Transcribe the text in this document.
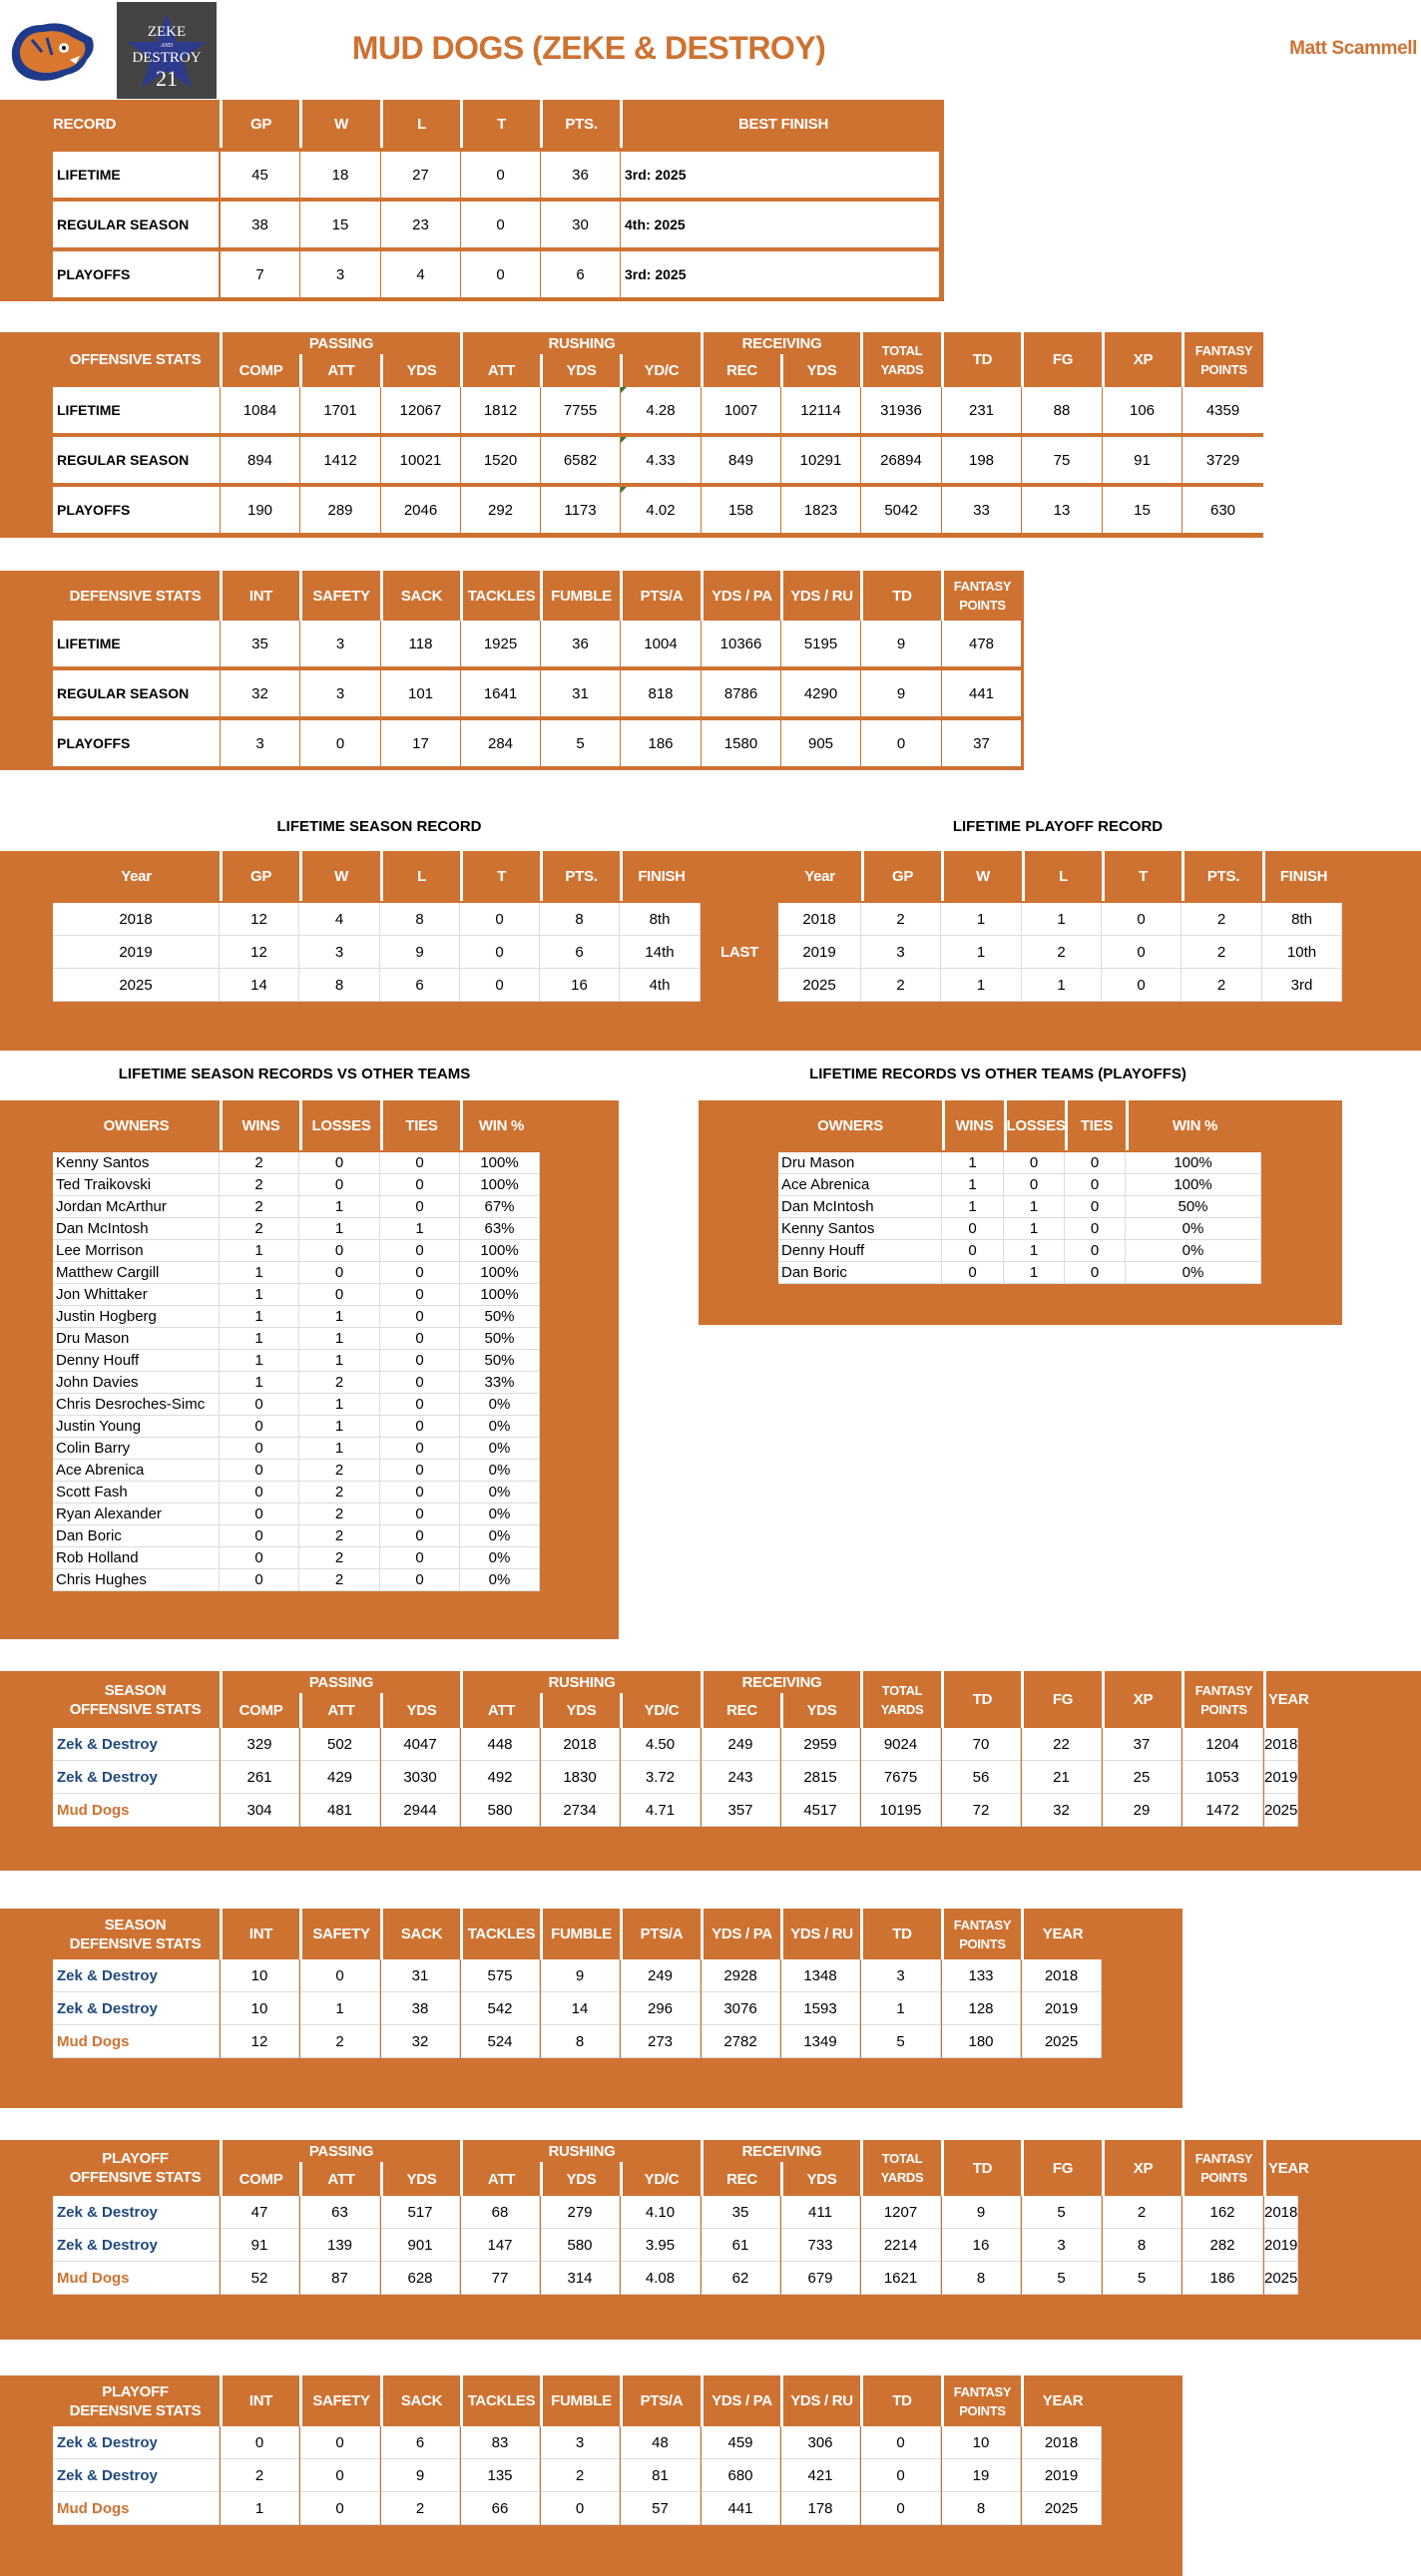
ZEKE
AND
DESTROY
21
MUD DOGS (ZEKE & DESTROY)	Matt Scammell
RECORD	GP	W	L	T	PTS.	BEST FINISH
LIFETIME	45	18	27	0	36	3rd: 2025
REGULAR SEASON	38	15	23	0	30	4th: 2025
PLAYOFFS	7	3	4	0	6	3rd: 2025
OFFENSIVE STATS
PASSING	RUSHING	RECEIVING
COMP	ATT	YDS	ATT	YDS	YD/C	REC	YDS
TOTAL YARDS
TD	FG	XP
FANTASY POINTS
LIFETIME	1084	1701	12067	1812	7755	4.28	1007	12114	31936	231	88	106	4359
REGULAR SEASON	894	1412	10021	1520	6582	4.33	849	10291	26894	198	75	91	3729
PLAYOFFS	190	289	2046	292	1173	4.02	158	1823	5042	33	13	15	630
DEFENSIVE STATS	INT	SAFETY	SACK	TACKLES	FUMBLE	PTS/A	YDS / PA	YDS / RU	TD
FANTASY POINTS
LIFETIME	35	3	118	1925	36	1004	10366	5195	9	478
REGULAR SEASON	32	3	101	1641	31	818	8786	4290	9	441
PLAYOFFS	3	0	17	284	5	186	1580	905	0	37
LIFETIME SEASON RECORD
Year	GP	W	L	T	PTS.	FINISH
2018	12	4	8	0	8	8th
2019	12	3	9	0	6	14th
2025	14	8	6	0	16	4th
LIFETIME PLAYOFF RECORD
LAST
Year	GP	W	L	T	PTS.	FINISH
2018	2	1	1	0	2	8th
2019	3	1	2	0	2	10th
2025	2	1	1	0	2	3rd
LIFETIME SEASON RECORDS VS OTHER TEAMS
OWNERS	WINS	LOSSES	TIES	WIN %
Kenny Santos	2	0	0	100%
Ted Traikovski	2	0	0	100%
Jordan McArthur	2	1	0	67%
Dan McIntosh	2	1	1	63%
Lee Morrison	1	0	0	100%
Matthew Cargill	1	0	0	100%
Jon Whittaker	1	0	0	100%
Justin Hogberg	1	1	0	50%
Dru Mason	1	1	0	50%
Denny Houff	1	1	0	50%
John Davies	1	2	0	33%
Chris Desroches-Simc	0	1	0	0%
Justin Young	0	1	0	0%
Colin Barry	0	1	0	0%
Ace Abrenica	0	2	0	0%
Scott Fash	0	2	0	0%
Ryan Alexander	0	2	0	0%
Dan Boric	0	2	0	0%
Rob Holland	0	2	0	0%
Chris Hughes	0	2	0	0%
LIFETIME RECORDS VS OTHER TEAMS (PLAYOFFS)
OWNERS	WINS LOSSES	TIES	WIN %
Dru Mason	1	0	0	100%
Ace Abrenica	1	0	0	100%
Dan McIntosh	1	1	0	50%
Kenny Santos	0	1	0	0%
Denny Houff	0	1	0	0%
Dan Boric	0	1	0	0%
SEASON
OFFENSIVE STATS
PASSING	RUSHING	RECEIVING
COMP	ATT	YDS	ATT	YDS	YD/C	REC	YDS
TOTAL YARDS
TD	FG	XP
FANTASY POINTS
YEAR
Zek & Destroy	329	502	4047	448	2018	4.50	249	2959	9024	70	22	37	1204	2018
Zek & Destroy	261	429	3030	492	1830	3.72	243	2815	7675	56	21	25	1053	2019
Mud Dogs	304	481	2944	580	2734	4.71	357	4517	10195	72	32	29	1472	2025
SEASON
DEFENSIVE STATS
INT	SAFETY	SACK	TACKLES	FUMBLE	PTS/A	YDS / PA	YDS / RU	TD
FANTASY POINTS
YEAR
Zek & Destroy	10	0	31	575	9	249	2928	1348	3	133	2018
Zek & Destroy	10	1	38	542	14	296	3076	1593	1	128	2019
Mud Dogs	12	2	32	524	8	273	2782	1349	5	180	2025
PLAYOFF
OFFENSIVE STATS
PASSING	RUSHING	RECEIVING
COMP	ATT	YDS	ATT	YDS	YD/C	REC	YDS
TOTAL YARDS
TD	FG	XP
FANTASY POINTS
YEAR
Zek & Destroy	47	63	517	68	279	4.10	35	411	1207	9	5	2	162	2018
Zek & Destroy	91	139	901	147	580	3.95	61	733	2214	16	3	8	282	2019
Mud Dogs	52	87	628	77	314	4.08	62	679	1621	8	5	5	186	2025
PLAYOFF
DEFENSIVE STATS
INT	SAFETY	SACK	TACKLES	FUMBLE	PTS/A	YDS / PA	YDS / RU	TD
FANTASY POINTS
YEAR
Zek & Destroy	0	0	6	83	3	48	459	306	0	10	2018
Zek & Destroy	2	0	9	135	2	81	680	421	0	19	2019
Mud Dogs	1	0	2	66	0	57	441	178	0	8	2025
